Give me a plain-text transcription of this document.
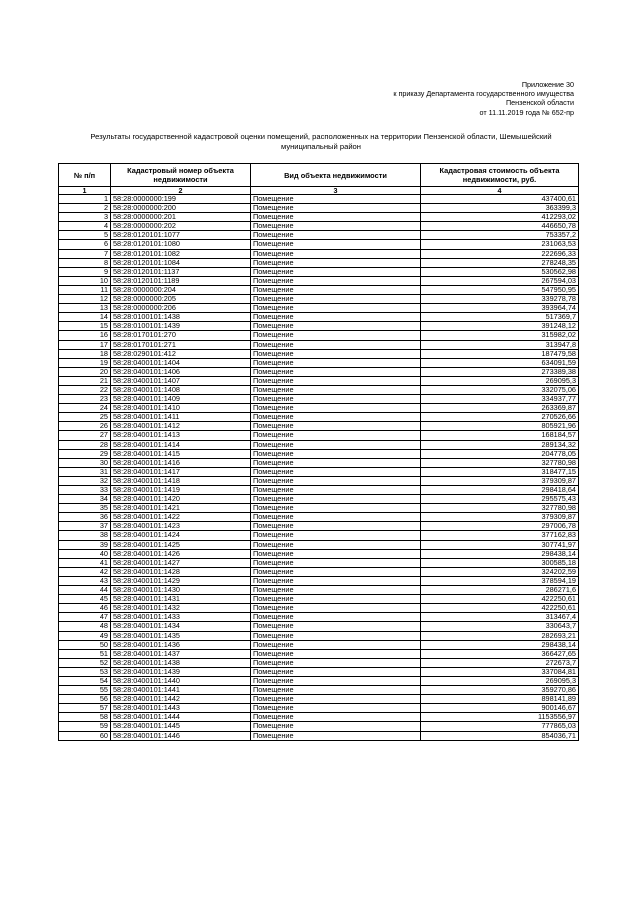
Приложение 30
к приказу Департамента государственного имущества
Пензенской области
от 11.11.2019 года № 652-пр
Результаты государственной кадастровой оценки помещений, расположенных на территории Пензенской области, Шемышейский
муниципальный район
№ п/п	Кадастровый номер объекта недвижимости	Вид объекта недвижимости	Кадастровая стоимость объекта недвижимости, руб.
1	2	3	4
1	58:28:0000000:199	Помещение	437400,61
2	58:28:0000000:200	Помещение	363399,3
3	58:28:0000000:201	Помещение	412293,02
4	58:28:0000000:202	Помещение	446650,78
5	58:28:0120101:1077	Помещение	753357,2
6	58:28:0120101:1080	Помещение	231063,53
7	58:28:0120101:1082	Помещение	222696,33
8	58:28:0120101:1084	Помещение	278248,35
9	58:28:0120101:1137	Помещение	530562,98
10	58:28:0120101:1189	Помещение	267594,03
11	58:28:0000000:204	Помещение	547950,95
12	58:28:0000000:205	Помещение	339278,78
13	58:28:0000000:206	Помещение	393964,74
14	58:28:0100101:1438	Помещение	517369,7
15	58:28:0100101:1439	Помещение	391248,12
16	58:28:0170101:270	Помещение	315982,02
17	58:28:0170101:271	Помещение	313947,8
18	58:28:0290101:412	Помещение	187479,58
19	58:28:0400101:1404	Помещение	634091,59
20	58:28:0400101:1406	Помещение	273389,38
21	58:28:0400101:1407	Помещение	269095,3
22	58:28:0400101:1408	Помещение	332075,06
23	58:28:0400101:1409	Помещение	334937,77
24	58:28:0400101:1410	Помещение	263369,87
25	58:28:0400101:1411	Помещение	270526,66
26	58:28:0400101:1412	Помещение	805921,96
27	58:28:0400101:1413	Помещение	168184,57
28	58:28:0400101:1414	Помещение	289134,32
29	58:28:0400101:1415	Помещение	204778,05
30	58:28:0400101:1416	Помещение	327780,98
31	58:28:0400101:1417	Помещение	318477,15
32	58:28:0400101:1418	Помещение	379309,87
33	58:28:0400101:1419	Помещение	298418,64
34	58:28:0400101:1420	Помещение	295575,43
35	58:28:0400101:1421	Помещение	327780,98
36	58:28:0400101:1422	Помещение	379309,87
37	58:28:0400101:1423	Помещение	297006,78
38	58:28:0400101:1424	Помещение	377162,83
39	58:28:0400101:1425	Помещение	307741,97
40	58:28:0400101:1426	Помещение	298438,14
41	58:28:0400101:1427	Помещение	300585,18
42	58:28:0400101:1428	Помещение	324202,59
43	58:28:0400101:1429	Помещение	378594,19
44	58:28:0400101:1430	Помещение	286271,6
45	58:28:0400101:1431	Помещение	422250,61
46	58:28:0400101:1432	Помещение	422250,61
47	58:28:0400101:1433	Помещение	313467,4
48	58:28:0400101:1434	Помещение	330643,7
49	58:28:0400101:1435	Помещение	282693,21
50	58:28:0400101:1436	Помещение	298438,14
51	58:28:0400101:1437	Помещение	366427,65
52	58:28:0400101:1438	Помещение	272673,7
53	58:28:0400101:1439	Помещение	337084,81
54	58:28:0400101:1440	Помещение	269095,3
55	58:28:0400101:1441	Помещение	359270,86
56	58:28:0400101:1442	Помещение	898141,89
57	58:28:0400101:1443	Помещение	900146,67
58	58:28:0400101:1444	Помещение	1153556,97
59	58:28:0400101:1445	Помещение	777865,03
60	58:28:0400101:1446	Помещение	854036,71
